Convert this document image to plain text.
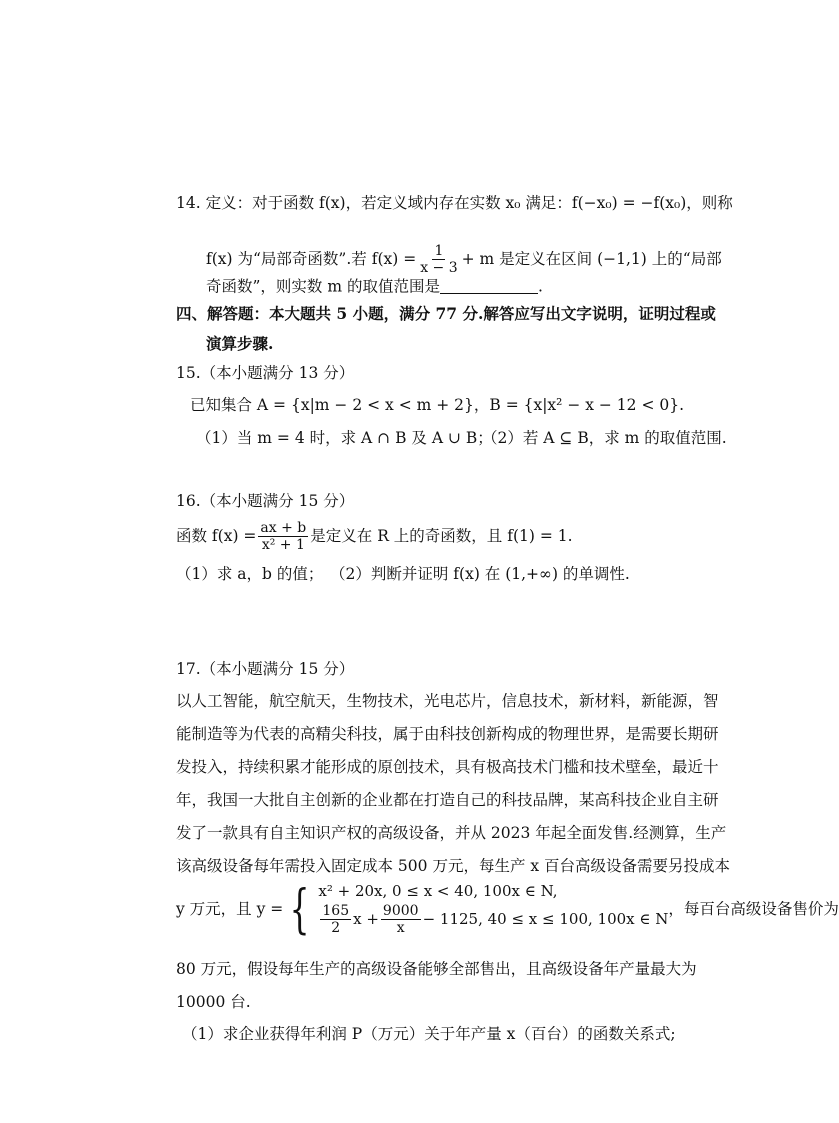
14. 定义：对于函数 f(x)，若定义域内存在实数 x₀ 满足：f(−x₀) = −f(x₀)，则称
f(x) 为“局部奇函数”.若 $f(x) = \frac{1}{x - 3} + m$ 是定义在区间 (−1,1) 上的“局部
奇函数”，则实数 m 的取值范围是	.
四、解答题：本大题共 5 小题，满分 77 分.解答应写出文字说明，证明过程或
演算步骤.
15.（本小题满分 13 分）
已知集合 A = {x|m − 2 < x < m + 2}，B = {x|x² − x − 12 < 0}.
（1）当 m = 4 时，求 A ∩ B 及 A ∪ B；
（2）若 A ⊆ B，求 m 的取值范围.
16.（本小题满分 15 分）
函数 $f(x) = \frac{ax + b}{\text{x² + 1}}$ 是定义在 R 上的奇函数，且 f(1) = 1.
（1）求 a，b 的值； （2）判断并证明 f(x) 在 (1,+∞) 的单调性.
17.（本小题满分 15 分）
以人工智能，航空航天，生物技术，光电芯片，信息技术，新材料，新能源，智
能制造等为代表的高精尖科技，属于由科技创新构成的物理世界，是需要长期研
发投入，持续积累才能形成的原创技术，具有极高技术门槛和技术壁垒，最近十
年，我国一大批自主创新的企业都在打造自己的科技品牌，某高科技企业自主研
发了一款具有自主知识产权的高级设备，并从 2023 年起全面发售.经测算，生产
该高级设备每年需投入固定成本 500 万元，每生产 x 百台高级设备需要另投成本
y 万元，且 y = { x² + 20x, 0 ≤ x < 40, 100x ∈ N,
$\frac{165}{2}$ $x + \frac{9000}{x} - 1125$, 40 ≤ x ≤ 100, 100x ∈ N
，每百台高级设备售价为
80 万元，假设每年生产的高级设备能够全部售出，且高级设备年产量最大为
10000 台.
（1）求企业获得年利润 P（万元）关于年产量 x（百台）的函数关系式;
